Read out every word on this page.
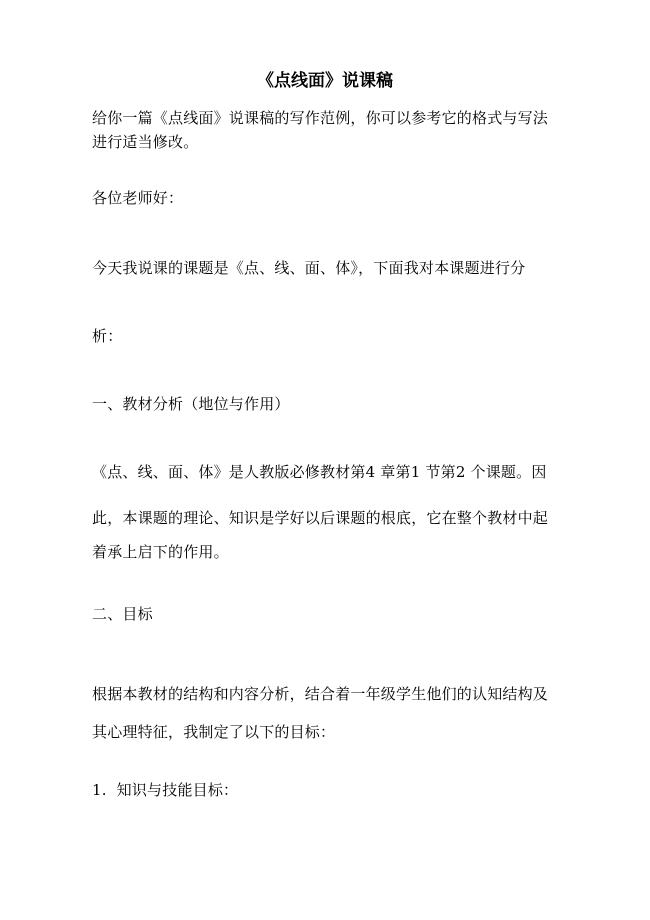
《点线面》说课稿
给你一篇《点线面》说课稿的写作范例，你可以参考它的格式与写法
进行适当修改。
各位老师好：
今天我说课的课题是《点、线、面、体》，下面我对本课题进行分
析：
一、教材分析（地位与作用）
《点、线、面、体》是人教版必修教材第4 章第1 节第2 个课题。因
此，本课题的理论、知识是学好以后课题的根底，它在整个教材中起
着承上启下的作用。
二、目标
根据本教材的结构和内容分析，结合着一年级学生他们的认知结构及
其心理特征，我制定了以下的目标：
1.  知识与技能目标：
